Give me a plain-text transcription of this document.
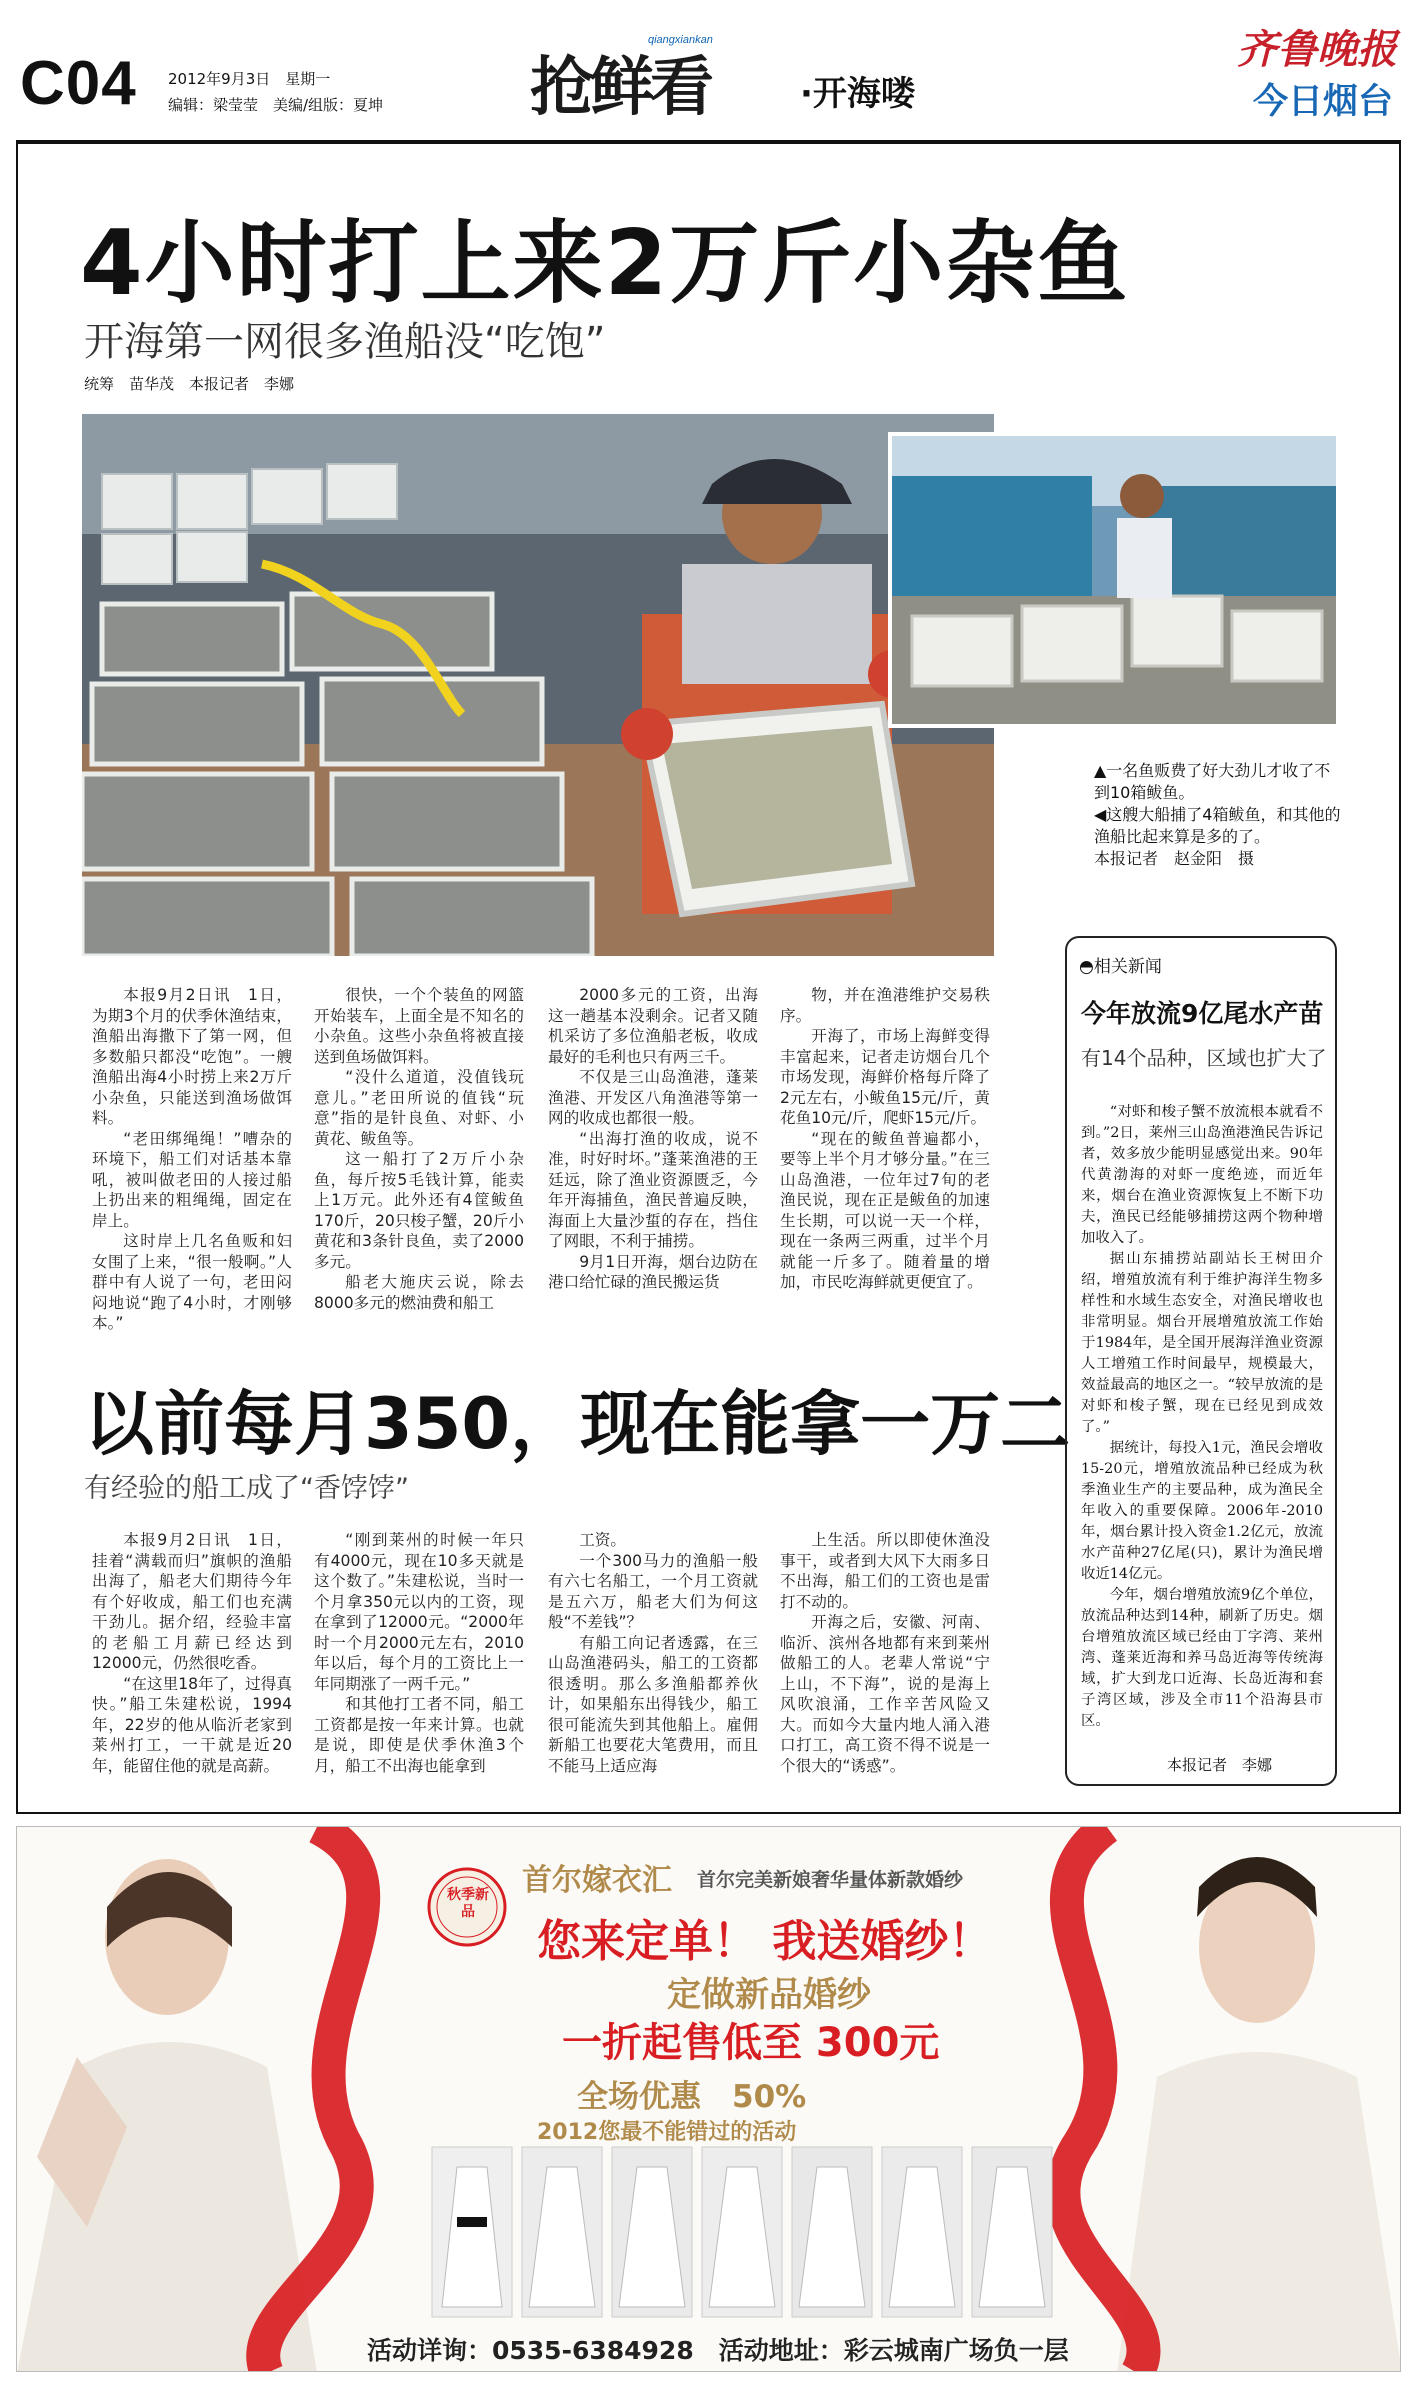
C04 2012年9月3日　星期一
编辑：梁莹莹　美编/组版：夏坤 抢鲜看
qiangxiankan
·开海喽
齐鲁晚报
今日烟台
4小时打上来2万斤小杂鱼
开海第一网很多渔船没“吃饱”
统筹　苗华茂　本报记者　李娜
▲一名鱼贩费了好大劲儿才收了不到10箱鲅鱼。
◀这艘大船捕了4箱鲅鱼，和其他的渔船比起来算是多的了。
本报记者　赵金阳　摄

本报9月2日讯　1日，为期3个月的伏季休渔结束，渔船出海撒下了第一网，但多数船只都没“吃饱”。一艘渔船出海4小时捞上来2万斤小杂鱼，只能送到渔场做饵料。

“老田绑绳绳！”嘈杂的环境下，船工们对话基本靠吼，被叫做老田的人接过船上扔出来的粗绳绳，固定在岸上。

这时岸上几名鱼贩和妇女围了上来，“很一般啊。”人群中有人说了一句，老田闷闷地说“跑了4小时，才刚够本。”

很快，一个个装鱼的网篮开始装车，上面全是不知名的小杂鱼。这些小杂鱼将被直接送到鱼场做饵料。

“没什么道道，没值钱玩意儿。”老田所说的值钱“玩意”指的是针良鱼、对虾、小黄花、鲅鱼等。

这一船打了2万斤小杂鱼，每斤按5毛钱计算，能卖上1万元。此外还有4筐鲅鱼170斤，20只梭子蟹，20斤小黄花和3条针良鱼，卖了2000多元。

船老大施庆云说，除去8000多元的燃油费和船工

2000多元的工资，出海这一趟基本没剩余。记者又随机采访了多位渔船老板，收成最好的毛利也只有两三千。

不仅是三山岛渔港，蓬莱渔港、开发区八角渔港等第一网的收成也都很一般。

“出海打渔的收成，说不准，时好时坏。”蓬莱渔港的王廷远，除了渔业资源匮乏，今年开海捕鱼，渔民普遍反映，海面上大量沙蜇的存在，挡住了网眼，不利于捕捞。

9月1日开海，烟台边防在港口给忙碌的渔民搬运货

物，并在渔港维护交易秩序。

开海了，市场上海鲜变得丰富起来，记者走访烟台几个市场发现，海鲜价格每斤降了2元左右，小鲅鱼15元/斤，黄花鱼10元/斤，爬虾15元/斤。

“现在的鲅鱼普遍都小，要等上半个月才够分量。”在三山岛渔港，一位年过7旬的老渔民说，现在正是鲅鱼的加速生长期，可以说一天一个样，现在一条两三两重，过半个月就能一斤多了。随着量的增加，市民吃海鲜就更便宜了。

以前每月350，现在能拿一万二
有经验的船工成了“香饽饽”

本报9月2日讯　1日，挂着“满载而归”旗帜的渔船出海了，船老大们期待今年有个好收成，船工们也充满干劲儿。据介绍，经验丰富的老船工月薪已经达到12000元，仍然很吃香。

“在这里18年了，过得真快。”船工朱建松说，1994年，22岁的他从临沂老家到莱州打工，一干就是近20年，能留住他的就是高薪。

“刚到莱州的时候一年只有4000元，现在10多天就是这个数了。”朱建松说，当时一个月拿350元以内的工资，现在拿到了12000元。“2000年时一个月2000元左右，2010年以后，每个月的工资比上一年同期涨了一两千元。”

和其他打工者不同，船工工资都是按一年来计算。也就是说，即使是伏季休渔3个月，船工不出海也能拿到

工资。

一个300马力的渔船一般有六七名船工，一个月工资就是五六万，船老大们为何这般“不差钱”？

有船工向记者透露，在三山岛渔港码头，船工的工资都很透明。那么多渔船都养伙计，如果船东出得钱少，船工很可能流失到其他船上。雇佣新船工也要花大笔费用，而且不能马上适应海

上生活。所以即使休渔没事干，或者到大风下大雨多日不出海，船工们的工资也是雷打不动的。

开海之后，安徽、河南、临沂、滨州各地都有来到莱州做船工的人。老辈人常说“宁上山，不下海”，说的是海上风吹浪涌，工作辛苦风险又大。而如今大量内地人涌入港口打工，高工资不得不说是一个很大的“诱惑”。

◓相关新闻
今年放流9亿尾水产苗
有14个品种，区域也扩大了

“对虾和梭子蟹不放流根本就看不到。”2日，莱州三山岛渔港渔民告诉记者，效多放少能明显感觉出来。90年代黄渤海的对虾一度绝迹，而近年来，烟台在渔业资源恢复上不断下功夫，渔民已经能够捕捞这两个物种增加收入了。

据山东捕捞站副站长王树田介绍，增殖放流有利于维护海洋生物多样性和水域生态安全，对渔民增收也非常明显。烟台开展增殖放流工作始于1984年，是全国开展海洋渔业资源人工增殖工作时间最早，规模最大，效益最高的地区之一。“较早放流的是对虾和梭子蟹，现在已经见到成效了。”

据统计，每投入1元，渔民会增收15-20元，增殖放流品种已经成为秋季渔业生产的主要品种，成为渔民全年收入的重要保障。2006年-2010年，烟台累计投入资金1.2亿元，放流水产苗种27亿尾(只)，累计为渔民增收近14亿元。

今年，烟台增殖放流9亿个单位，放流品种达到14种，刷新了历史。烟台增殖放流区域已经由丁字湾、莱州湾、蓬莱近海和养马岛近海等传统海域，扩大到龙口近海、长岛近海和套子湾区域，涉及全市11个沿海县市区。

本报记者　李娜
秋季新品
首尔嫁衣汇 首尔完美新娘奢华量体新款婚纱
您来定单！ 我送婚纱！
定做新品婚纱
一折起售低至 300元
全场优惠　50%
2012您最不能错过的活动
活动详询：0535-6384928　活动地址：彩云城南广场负一层
